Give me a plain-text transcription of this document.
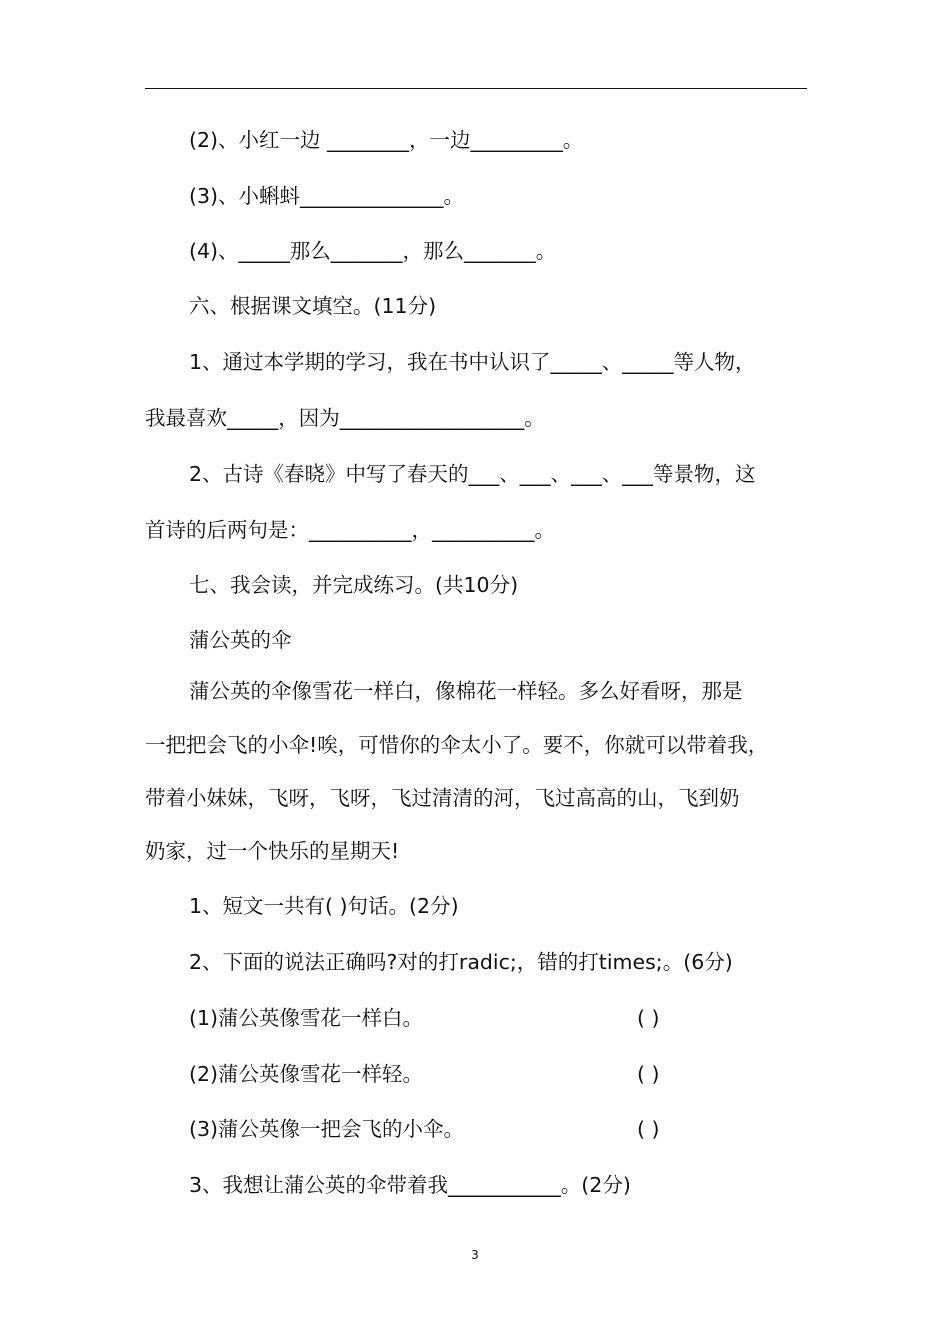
(2)、小红一边 ________，一边_________。
(3)、小蝌蚪______________。
(4)、_____那么_______，那么_______。
六、根据课文填空。(11分)
1、通过本学期的学习，我在书中认识了_____、_____等人物，
我最喜欢_____，因为__________________。
2、古诗《春晓》中写了春天的___、___、___、___等景物，这
首诗的后两句是：__________，__________。
七、我会读，并完成练习。(共10分)
蒲公英的伞
蒲公英的伞像雪花一样白，像棉花一样轻。多么好看呀，那是
一把把会飞的小伞!唉，可惜你的伞太小了。要不，你就可以带着我，
带着小妹妹，飞呀，飞呀，飞过清清的河，飞过高高的山，飞到奶
奶家，过一个快乐的星期天!
1、短文一共有( )句话。(2分)
2、下面的说法正确吗?对的打radic;，错的打times;。(6分)
(1)蒲公英像雪花一样白。	( )
(2)蒲公英像雪花一样轻。	( )
(3)蒲公英像一把会飞的小伞。	( )
3、我想让蒲公英的伞带着我___________。(2分)
3
